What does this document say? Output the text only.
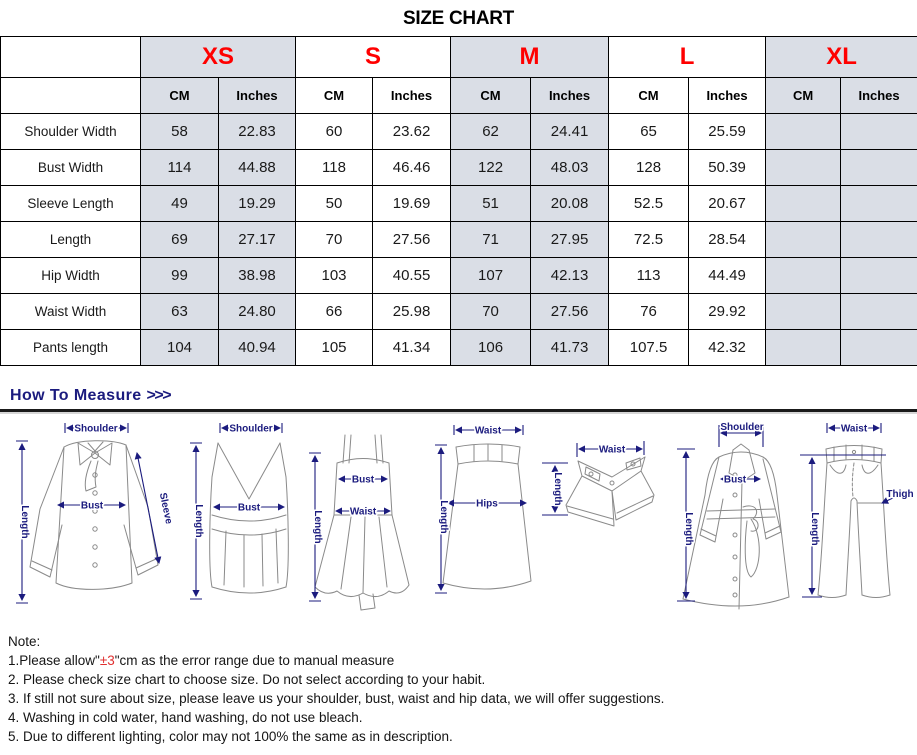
SIZE CHART
	XS		S		M		L		XL	
	CM	Inches	CM	Inches	CM	Inches	CM	Inches	CM	Inches
Shoulder Width	58	22.83	60	23.62	62	24.41	65	25.59		
Bust Width	114	44.88	118	46.46	122	48.03	128	50.39		
Sleeve Length	49	19.29	50	19.69	51	20.08	52.5	20.67		
Length	69	27.17	70	27.56	71	27.95	72.5	28.54		
Hip Width	99	38.98	103	40.55	107	42.13	113	44.49		
Waist Width	63	24.80	66	25.98	70	27.56	76	29.92		
Pants length	104	40.94	105	41.34	106	41.73	107.5	42.32		
How To Measure >>>
Shoulder
Length	Bust	Sleeve
Shoulder
Length	Bust
Bust
Waist
Length
Waist
Length	Hips
Waist
Length
Shoulder
Bust
Length
Waist
Length
Thigh
Note:
1.Please allow"±3"cm as the error range due to manual measure
2. Please check size chart to choose size. Do not select according to your habit.
3. If still not sure about size, please leave us your shoulder, bust, waist and hip data, we will offer suggestions.
4. Washing in cold water, hand washing, do not use bleach.
5. Due to different lighting, color may not 100% the same as in description.
